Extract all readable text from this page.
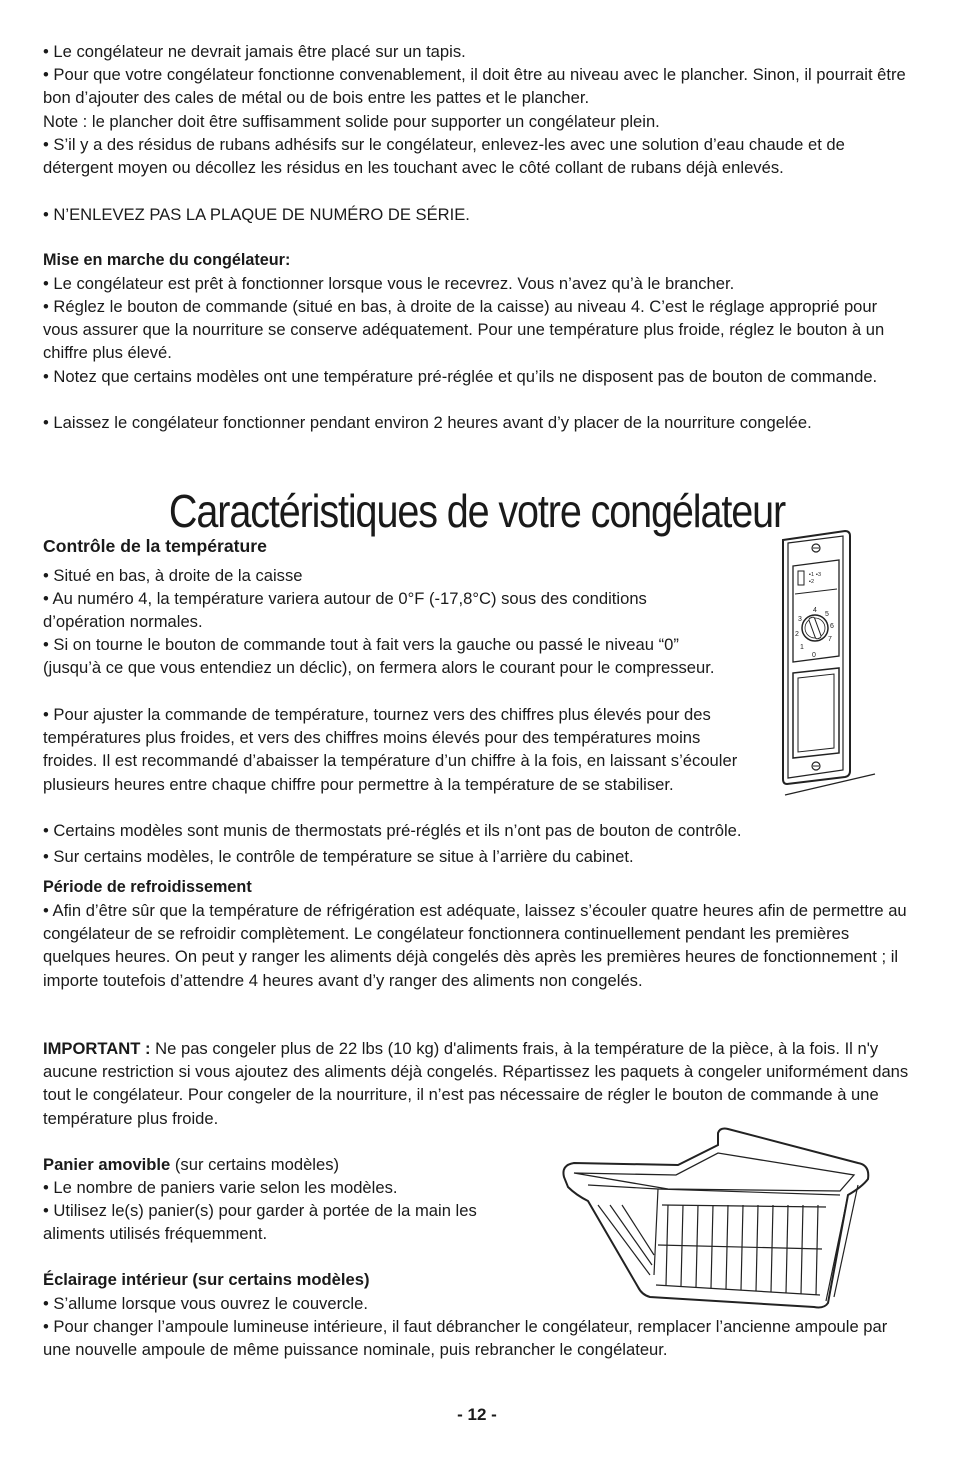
• Le congélateur ne devrait jamais être placé sur un tapis.

• Pour que votre congélateur fonctionne convenablement, il doit être au niveau avec le plancher. Sinon, il pourrait être bon d’ajouter des cales de métal ou de bois entre les pattes et le plancher.

Note : le plancher doit être suffisamment solide pour supporter un congélateur plein.

• S’il y a des résidus de rubans adhésifs sur le congélateur, enlevez-les avec une solution d’eau chaude et de détergent moyen ou décollez les résidus en les touchant avec le côté collant de rubans déjà enlevés.

• N’ENLEVEZ PAS LA PLAQUE DE NUMÉRO DE SÉRIE.

Mise en marche du congélateur:

• Le congélateur est prêt à fonctionner lorsque vous le recevrez. Vous n’avez qu’à le brancher.

• Réglez le bouton de commande (situé en bas, à droite de la caisse) au niveau 4. C’est le réglage approprié pour vous assurer que la nourriture se conserve adéquatement. Pour une température plus froide, réglez le bouton à un chiffre plus élevé.

• Notez que certains modèles ont une température pré-réglée et qu’ils ne disposent pas de bouton de commande.

• Laissez le congélateur fonctionner pendant environ 2 heures avant d’y placer de la nourriture congelée.

Caractéristiques de votre congélateur

Contrôle de la température

• Situé en bas, à droite de la caisse

• Au numéro 4, la température variera autour de 0°F (-17,8°C) sous des conditions d’opération normales.

• Si on tourne le bouton de commande tout à fait vers la gauche ou passé le niveau “0” (jusqu’à ce que vous entendiez un déclic), on fermera alors le courant pour le compresseur.

• Pour ajuster la commande de température, tournez vers des chiffres plus élevés pour des températures plus froides, et vers des chiffres moins élevés pour des températures moins froides. Il est recommandé d’abaisser la température d’un chiffre à la fois, en laissant s’écouler plusieurs heures entre chaque chiffre pour permettre à la température de se stabiliser.

• Certains modèles sont munis de thermostats pré-réglés et ils n’ont pas de bouton de contrôle.

• Sur certains modèles, le contrôle de température se situe à l’arrière du cabinet.

▪1
▪2
▪3
0
1
2
3
4
5
6
7

Période de refroidissement

• Afin d’être sûr que la température de réfrigération est adéquate, laissez s’écouler quatre heures afin de permettre au congélateur de se refroidir complètement. Le congélateur fonctionnera continuellement pendant les premières quelques heures. On peut y ranger les aliments déjà congelés dès après les premières heures de fonctionnement ; il importe toutefois d’attendre 4 heures avant d’y ranger des aliments non congelés.

IMPORTANT : Ne pas congeler plus de 22 lbs (10 kg) d'aliments frais, à la température de la pièce, à la fois. Il n'y aucune restriction si vous ajoutez des aliments déjà congelés. Répartissez les paquets à congeler uniformément dans tout le congélateur. Pour congeler de la nourriture, il n’est pas nécessaire de régler le bouton de commande à une température plus froide.

Panier amovible (sur certains modèles)

• Le nombre de paniers varie selon les modèles.

• Utilisez le(s) panier(s) pour garder à portée de la main les aliments utilisés fréquemment.

Éclairage intérieur (sur certains modèles)

• S’allume lorsque vous ouvrez le couvercle.

• Pour changer l’ampoule lumineuse intérieure, il faut débrancher le congélateur, remplacer l’ancienne ampoule par une nouvelle ampoule de même puissance nominale, puis rebrancher le congélateur.

- 12 -
